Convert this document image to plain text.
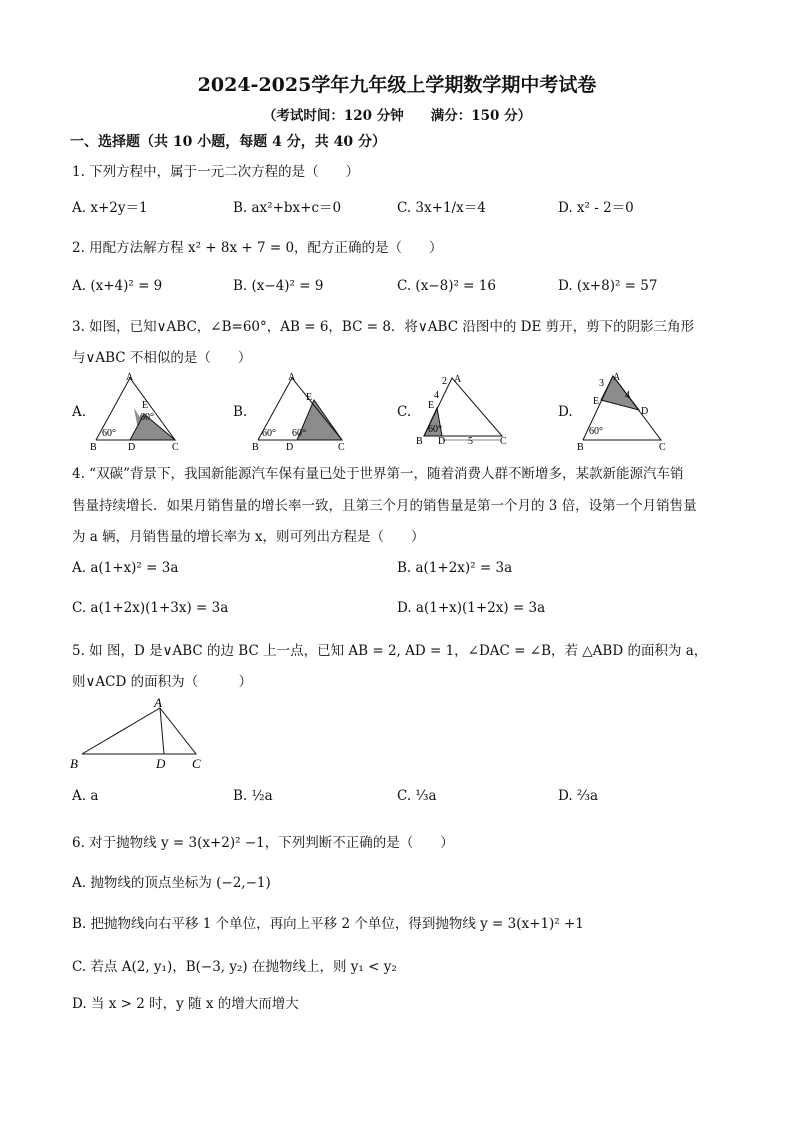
2024-2025学年九年级上学期数学期中考试卷
（考试时间：120 分钟　　满分：150 分）
一、选择题（共 10 小题，每题 4 分，共 40 分）
1. 下列方程中，属于一元二次方程的是（　　）
A. x+2y＝1	B. ax²+bx+c＝0	C. 3x+1/x＝4	D. x² - 2＝0
2. 用配方法解方程 x² + 8x + 7 = 0，配方正确的是（　　）
A. (x+4)² = 9	B. (x−4)² = 9	C. (x−8)² = 16	D. (x+8)² = 57
3. 如图，已知∨ABC，∠B=60°，AB = 6，BC = 8．将∨ABC 沿图中的 DE 剪开，剪下的阴影三角形
与∨ABC 不相似的是（　　）
A.	B.	C.	D.
A
E
60°
60°
B	D	C
A
E
60° 60°
B	D	C
A
2
4
E
60°
B D 5	C
A
3
4
E
D
60°
B	C
4. “双碳”背景下，我国新能源汽车保有量已处于世界第一，随着消费人群不断增多，某款新能源汽车销
售量持续增长．如果月销售量的增长率一致，且第三个月的销售量是第一个月的 3 倍，设第一个月销售量
为 a 辆，月销售量的增长率为 x，则可列出方程是（　　）
A. a(1+x)² = 3a	B. a(1+2x)² = 3a
C. a(1+2x)(1+3x) = 3a	D. a(1+x)(1+2x) = 3a
5. 如 图，D 是∨ABC 的边 BC 上一点，已知 AB = 2, AD = 1，∠DAC = ∠B，若 △ABD 的面积为 a，
则∨ACD 的面积为（　　　）
A
B	D C
A. a	B. ½a	C. ⅓a	D. ⅔a
6. 对于抛物线 y = 3(x+2)² −1，下列判断不正确的是（　　）
A. 抛物线的顶点坐标为 (−2,−1)
B. 把抛物线向右平移 1 个单位，再向上平移 2 个单位，得到抛物线 y = 3(x+1)² +1
C. 若点 A(2, y₁)，B(−3, y₂) 在抛物线上，则 y₁ < y₂
D. 当 x > 2 时，y 随 x 的增大而增大
